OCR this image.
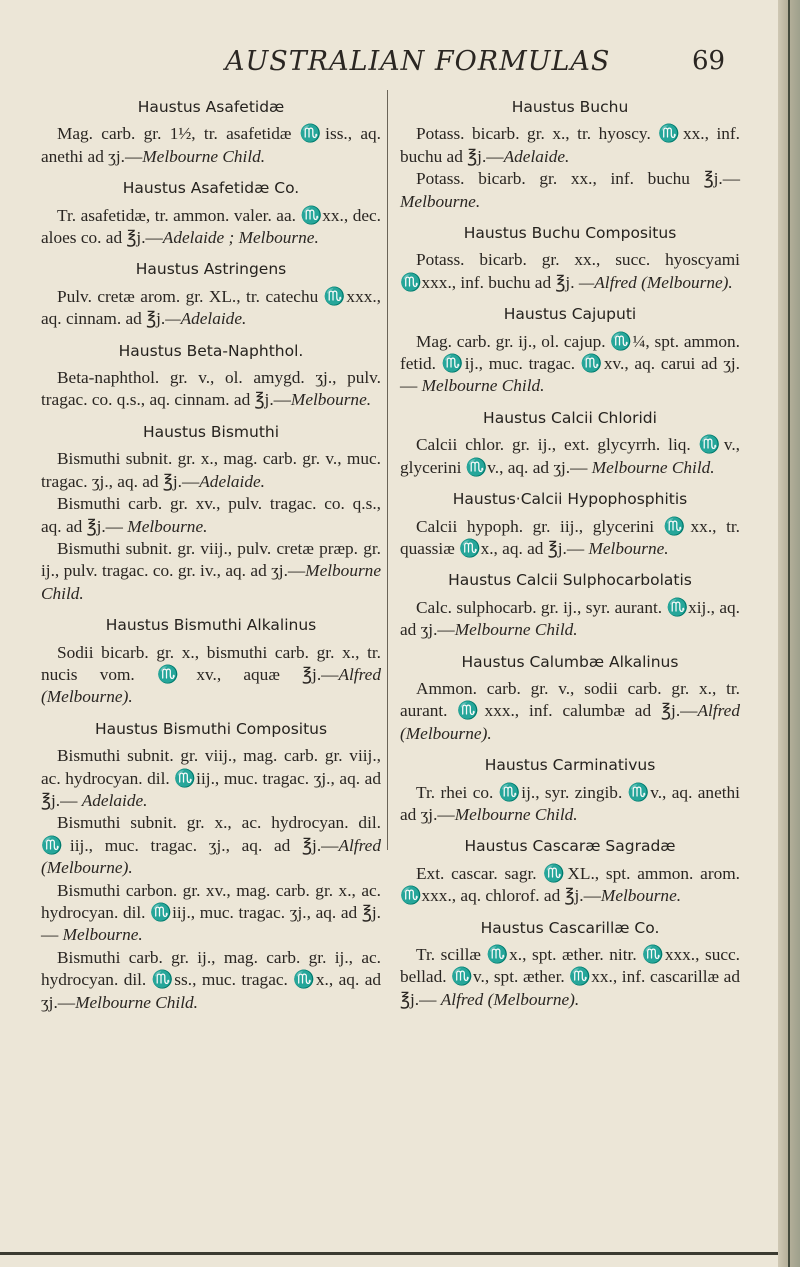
AUSTRALIAN FORMULAS	69
Haustus Asafetidæ

Mag. carb. gr. 1½, tr. asafetidæ ♏iss., aq. anethi ad ʒj.—Melbourne Child.

Haustus Asafetidæ Co.

Tr. asafetidæ, tr. ammon. valer. aa. ♏xx., dec. aloes co. ad ℥j.—Adelaide ; Melbourne.

Haustus Astringens

Pulv. cretæ arom. gr. XL., tr. catechu ♏xxx., aq. cinnam. ad ℥j.—Adelaide.

Haustus Beta-Naphthol.

Beta-naphthol. gr. v., ol. amygd. ʒj., pulv. tragac. co. q.s., aq. cinnam. ad ℥j.—Melbourne.

Haustus Bismuthi

Bismuthi subnit. gr. x., mag. carb. gr. v., muc. tragac. ʒj., aq. ad ℥j.—Adelaide.

Bismuthi carb. gr. xv., pulv. tragac. co. q.s., aq. ad ℥j.— Melbourne.

Bismuthi subnit. gr. viij., pulv. cretæ præp. gr. ij., pulv. tragac. co. gr. iv., aq. ad ʒj.—Melbourne Child.

Haustus Bismuthi Alkalinus

Sodii bicarb. gr. x., bismuthi carb. gr. x., tr. nucis vom. ♏xv., aquæ ℥j.—Alfred (Melbourne).

Haustus Bismuthi Compositus

Bismuthi subnit. gr. viij., mag. carb. gr. viij., ac. hydrocyan. dil. ♏iij., muc. tragac. ʒj., aq. ad ℥j.— Adelaide.

Bismuthi subnit. gr. x., ac. hydrocyan. dil. ♏iij., muc. tragac. ʒj., aq. ad ℥j.—Alfred (Melbourne).

Bismuthi carbon. gr. xv., mag. carb. gr. x., ac. hydrocyan. dil. ♏iij., muc. tragac. ʒj., aq. ad ℥j.— Melbourne.

Bismuthi carb. gr. ij., mag. carb. gr. ij., ac. hydrocyan. dil. ♏ss., muc. tragac. ♏x., aq. ad ʒj.—Melbourne Child.

Haustus Buchu

Potass. bicarb. gr. x., tr. hyoscy. ♏xx., inf. buchu ad ℥j.—Adelaide.

Potass. bicarb. gr. xx., inf. buchu ℥j.—Melbourne.

Haustus Buchu Compositus

Potass. bicarb. gr. xx., succ. hyoscyami ♏xxx., inf. buchu ad ℥j. —Alfred (Melbourne).

Haustus Cajuputi

Mag. carb. gr. ij., ol. cajup. ♏¼, spt. ammon. fetid. ♏ij., muc. tragac. ♏xv., aq. carui ad ʒj.— Melbourne Child.

Haustus Calcii Chloridi

Calcii chlor. gr. ij., ext. glycyrrh. liq. ♏v., glycerini ♏v., aq. ad ʒj.— Melbourne Child.

Haustus·Calcii Hypophosphitis

Calcii hypoph. gr. iij., glycerini ♏xx., tr. quassiæ ♏x., aq. ad ℥j.— Melbourne.

Haustus Calcii Sulphocarbolatis

Calc. sulphocarb. gr. ij., syr. aurant. ♏xij., aq. ad ʒj.—Melbourne Child.

Haustus Calumbæ Alkalinus

Ammon. carb. gr. v., sodii carb. gr. x., tr. aurant. ♏xxx., inf. calumbæ ad ℥j.—Alfred (Melbourne).

Haustus Carminativus

Tr. rhei co. ♏ij., syr. zingib. ♏v., aq. anethi ad ʒj.—Melbourne Child.

Haustus Cascaræ Sagradæ

Ext. cascar. sagr. ♏XL., spt. ammon. arom. ♏xxx., aq. chlorof. ad ℥j.—Melbourne.

Haustus Cascarillæ Co.

Tr. scillæ ♏x., spt. æther. nitr. ♏xxx., succ. bellad. ♏v., spt. æther. ♏xx., inf. cascarillæ ad ℥j.— Alfred (Melbourne).
